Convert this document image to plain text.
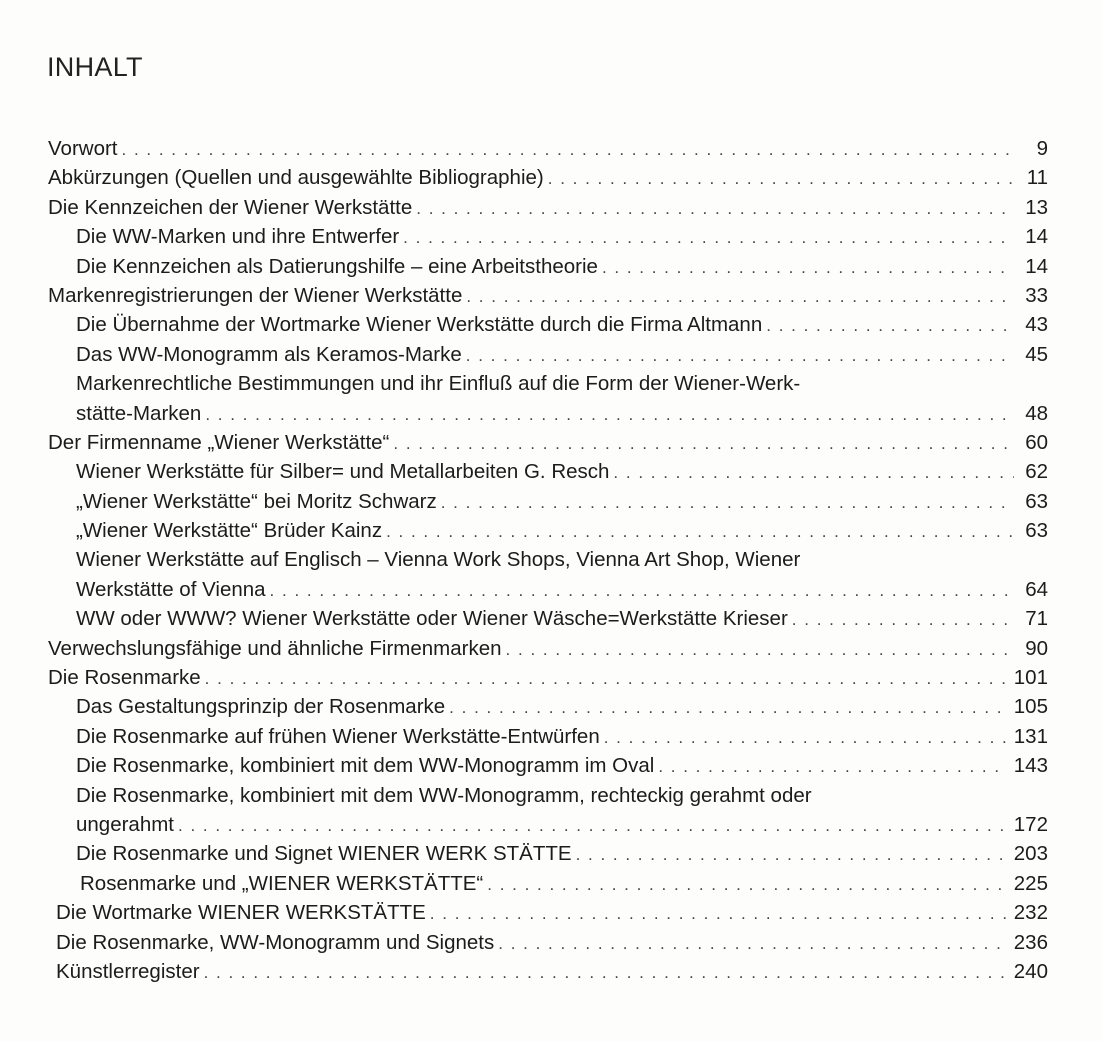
INHALT
Vorwort . . .	9
Abkürzungen (Quellen und ausgewählte Bibliographie) . . .	11
Die Kennzeichen der Wiener Werkstätte . . .	13
Die WW-Marken und ihre Entwerfer . . .	14
Die Kennzeichen als Datierungshilfe – eine Arbeitstheorie . . .	14
Markenregistrierungen der Wiener Werkstätte . . .	33
Die Übernahme der Wortmarke Wiener Werkstätte durch die Firma Altmann . . .	43
Das WW-Monogramm als Keramos-Marke . . .	45
Markenrechtliche Bestimmungen und ihr Einfluß auf die Form der Wiener-Werk-
stätte-Marken . . .	48
Der Firmenname „Wiener Werkstätte“ . . .	60
Wiener Werkstätte für Silber= und Metallarbeiten G. Resch . . .	62
„Wiener Werkstätte“ bei Moritz Schwarz . . .	63
„Wiener Werkstätte“ Brüder Kainz . . .	63
Wiener Werkstätte auf Englisch – Vienna Work Shops, Vienna Art Shop, Wiener
Werkstätte of Vienna . . .	64
WW oder WWW? Wiener Werkstätte oder Wiener Wäsche=Werkstätte Krieser . . .	71
Verwechslungsfähige und ähnliche Firmenmarken . . .	90
Die Rosenmarke . . .	101
Das Gestaltungsprinzip der Rosenmarke . . .	105
Die Rosenmarke auf frühen Wiener Werkstätte-Entwürfen . . .	131
Die Rosenmarke, kombiniert mit dem WW-Monogramm im Oval . . .	143
Die Rosenmarke, kombiniert mit dem WW-Monogramm, rechteckig gerahmt oder
ungerahmt . . .	172
Die Rosenmarke und Signet WIENER WERK STÄTTE . . .	203
Rosenmarke und „WIENER WERKSTÄTTE“ . . .	225
Die Wortmarke WIENER WERKSTÄTTE . . .	232
Die Rosenmarke, WW-Monogramm und Signets . . .	236
Künstlerregister . . .	240
